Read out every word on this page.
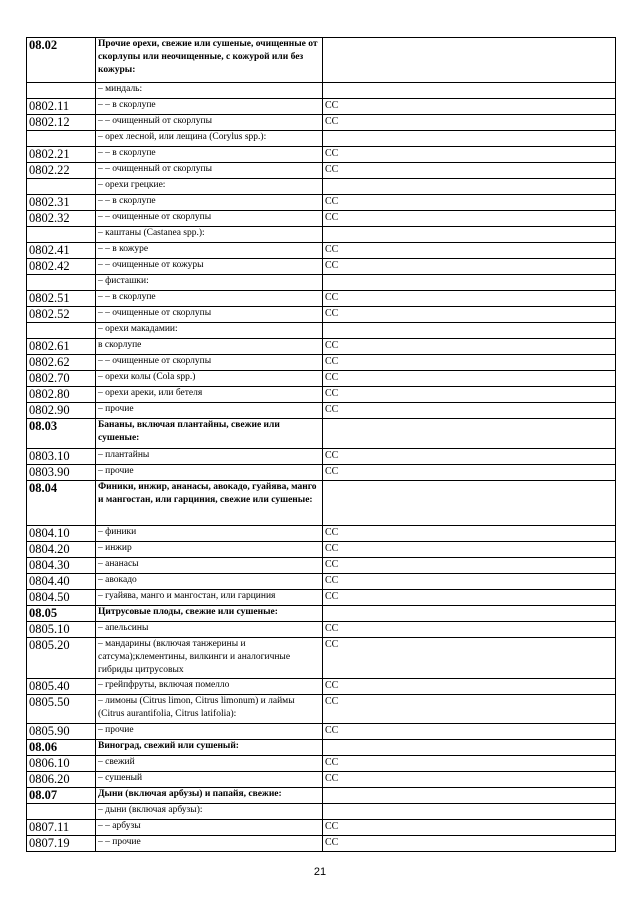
08.02	Прочие орехи, свежие или сушеные, очищенные от скорлупы или неочищенные, с кожурой или без кожуры:	
	– миндаль:	
0802.11	– – в скорлупе	СС
0802.12	– – очищенный от скорлупы	СС
	– орех лесной, или лещина (Corylus spp.):	
0802.21	– – в скорлупе	СС
0802.22	– – очищенный от скорлупы	СС
	– орехи грецкие:	
0802.31	– – в скорлупе	СС
0802.32	– – очищенные от скорлупы	СС
	– каштаны (Castanea spp.):	
0802.41	– – в кожуре	СС
0802.42	– – очищенные от кожуры	СС
	– фисташки:	
0802.51	– – в скорлупе	СС
0802.52	– – очищенные от скорлупы	СС
	– орехи макадамии:	
0802.61	в скорлупе	СС
0802.62	– – очищенные от скорлупы	СС
0802.70	– орехи колы (Cola spp.)	СС
0802.80	– орехи ареки, или бетеля	СС
0802.90	– прочие	СС
08.03	Бананы, включая плантайны, свежие или сушеные:	
0803.10	– плантайны	СС
0803.90	– прочие	СС
08.04	Финики, инжир, ананасы, авокадо, гуайява, манго и мангостан, или гарциния, свежие или сушеные:	
0804.10	– финики	СС
0804.20	– инжир	СС
0804.30	– ананасы	СС
0804.40	– авокадо	СС
0804.50	– гуайява, манго и мангостан, или гарциния	СС
08.05	Цитрусовые плоды, свежие или сушеные:	
0805.10	– апельсины	СС
0805.20	– мандарины (включая танжерины и сатсума);клементины, вилкинги и аналогичные гибриды цитрусовых	СС
0805.40	– грейпфруты, включая помелло	СС
0805.50	– лимоны (Citrus limon, Citrus limonum) и лаймы (Citrus aurantifolia, Citrus latifolia):	СС
0805.90	– прочие	СС
08.06	Виноград, свежий или сушеный:	
0806.10	– свежий	СС
0806.20	– сушеный	СС
08.07	Дыни (включая арбузы) и папайя, свежие:	
	– дыни (включая арбузы):	
0807.11	– – арбузы	СС
0807.19	– – прочие	СС
21
